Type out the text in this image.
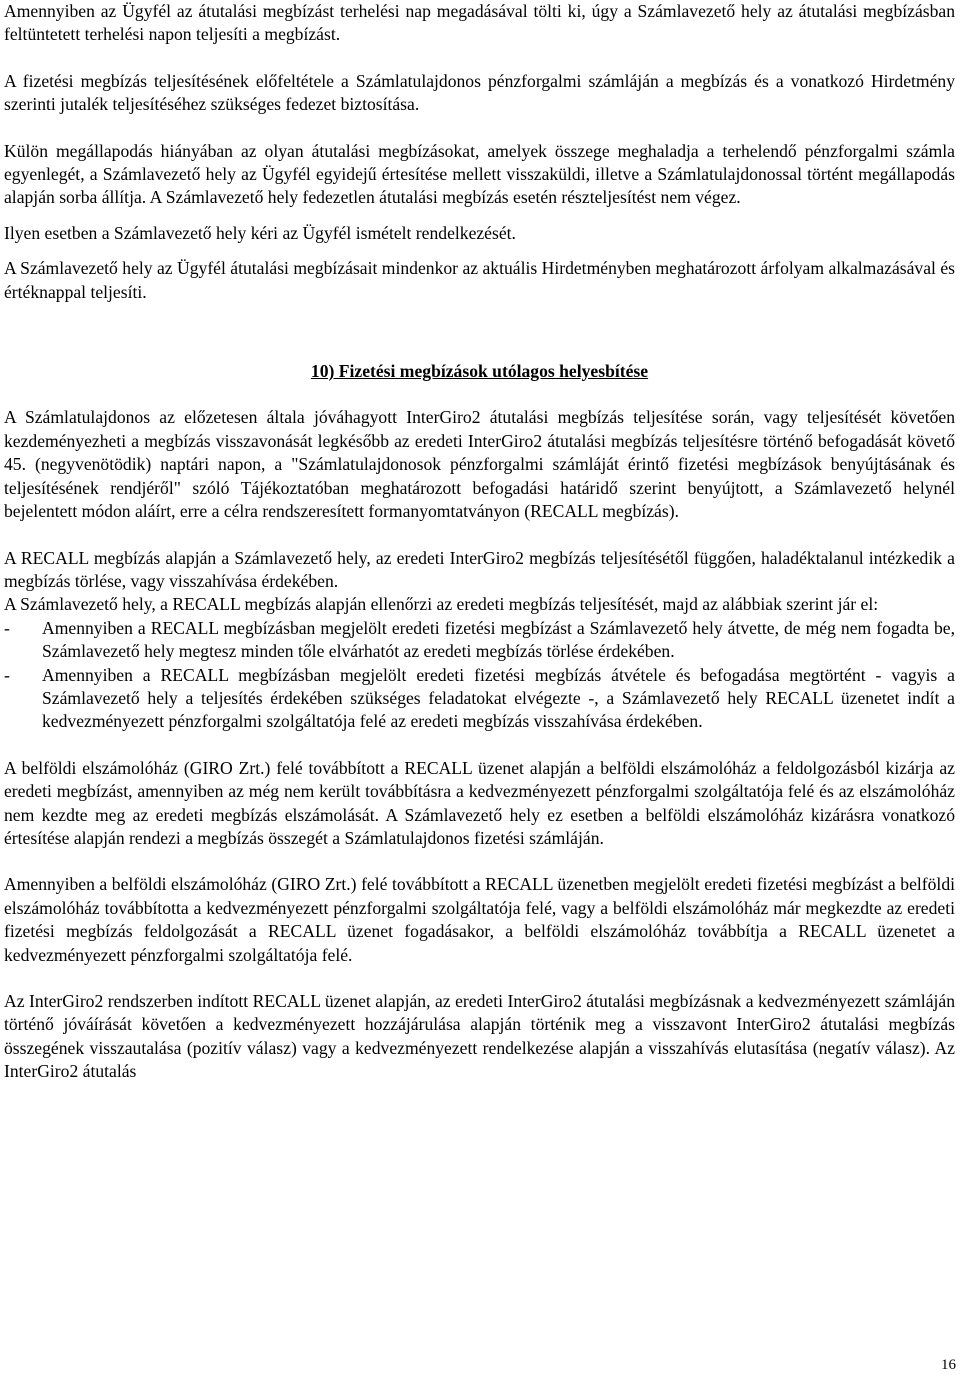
Amennyiben az Ügyfél az átutalási megbízást terhelési nap megadásával tölti ki, úgy a Számlavezető hely az átutalási megbízásban feltüntetett terhelési napon teljesíti a megbízást.

A fizetési megbízás teljesítésének előfeltétele a Számlatulajdonos pénzforgalmi számláján a megbízás és a vonatkozó Hirdetmény szerinti jutalék teljesítéséhez szükséges fedezet biztosítása.

Külön megállapodás hiányában az olyan átutalási megbízásokat, amelyek összege meghaladja a terhelendő pénzforgalmi számla egyenlegét, a Számlavezető hely az Ügyfél egyidejű értesítése mellett visszaküldi, illetve a Számlatulajdonossal történt megállapodás alapján sorba állítja. A Számlavezető hely fedezetlen átutalási megbízás esetén részteljesítést nem végez.

Ilyen esetben a Számlavezető hely kéri az Ügyfél ismételt rendelkezését.

A Számlavezető hely az Ügyfél átutalási megbízásait mindenkor az aktuális Hirdetményben meghatározott árfolyam alkalmazásával és értéknappal teljesíti.

10) Fizetési megbízások utólagos helyesbítése

A Számlatulajdonos az előzetesen általa jóváhagyott InterGiro2 átutalási megbízás teljesítése során, vagy teljesítését követően kezdeményezheti a megbízás visszavonását legkésőbb az eredeti InterGiro2 átutalási megbízás teljesítésre történő befogadását követő 45. (negyvenötödik) naptári napon, a "Számlatulajdonosok pénzforgalmi számláját érintő fizetési megbízások benyújtásának és teljesítésének rendjéről" szóló Tájékoztatóban meghatározott befogadási határidő szerint benyújtott, a Számlavezető helynél bejelentett módon aláírt, erre a célra rendszeresített formanyomtatványon (RECALL megbízás).

A RECALL megbízás alapján a Számlavezető hely, az eredeti InterGiro2 megbízás teljesítésétől függően, haladéktalanul intézkedik a megbízás törlése, vagy visszahívása érdekében.

A Számlavezető hely, a RECALL megbízás alapján ellenőrzi az eredeti megbízás teljesítését, majd az alábbiak szerint jár el:

-	Amennyiben a RECALL megbízásban megjelölt eredeti fizetési megbízást a Számlavezető hely átvette, de még nem fogadta be, Számlavezető hely megtesz minden tőle elvárhatót az eredeti megbízás törlése érdekében.
-	Amennyiben a RECALL megbízásban megjelölt eredeti fizetési megbízás átvétele és befogadása megtörtént - vagyis a Számlavezető hely a teljesítés érdekében szükséges feladatokat elvégezte -, a Számlavezető hely RECALL üzenetet indít a kedvezményezett pénzforgalmi szolgáltatója felé az eredeti megbízás visszahívása érdekében.

A belföldi elszámolóház (GIRO Zrt.) felé továbbított a RECALL üzenet alapján a belföldi elszámolóház a feldolgozásból kizárja az eredeti megbízást, amennyiben az még nem került továbbításra a kedvezményezett pénzforgalmi szolgáltatója felé és az elszámolóház nem kezdte meg az eredeti megbízás elszámolását. A Számlavezető hely ez esetben a belföldi elszámolóház kizárásra vonatkozó értesítése alapján rendezi a megbízás összegét a Számlatulajdonos fizetési számláján.

Amennyiben a belföldi elszámolóház (GIRO Zrt.) felé továbbított a RECALL üzenetben megjelölt eredeti fizetési megbízást a belföldi elszámolóház továbbította a kedvezményezett pénzforgalmi szolgáltatója felé, vagy a belföldi elszámolóház már megkezdte az eredeti fizetési megbízás feldolgozását a RECALL üzenet fogadásakor, a belföldi elszámolóház továbbítja a RECALL üzenetet a kedvezményezett pénzforgalmi szolgáltatója felé.

Az InterGiro2 rendszerben indított RECALL üzenet alapján, az eredeti InterGiro2 átutalási megbízásnak a kedvezményezett számláján történő jóváírását követően a kedvezményezett hozzájárulása alapján történik meg a visszavont InterGiro2 átutalási megbízás összegének visszautalása (pozitív válasz) vagy a kedvezményezett rendelkezése alapján a visszahívás elutasítása (negatív válasz). Az InterGiro2 átutalás

16
